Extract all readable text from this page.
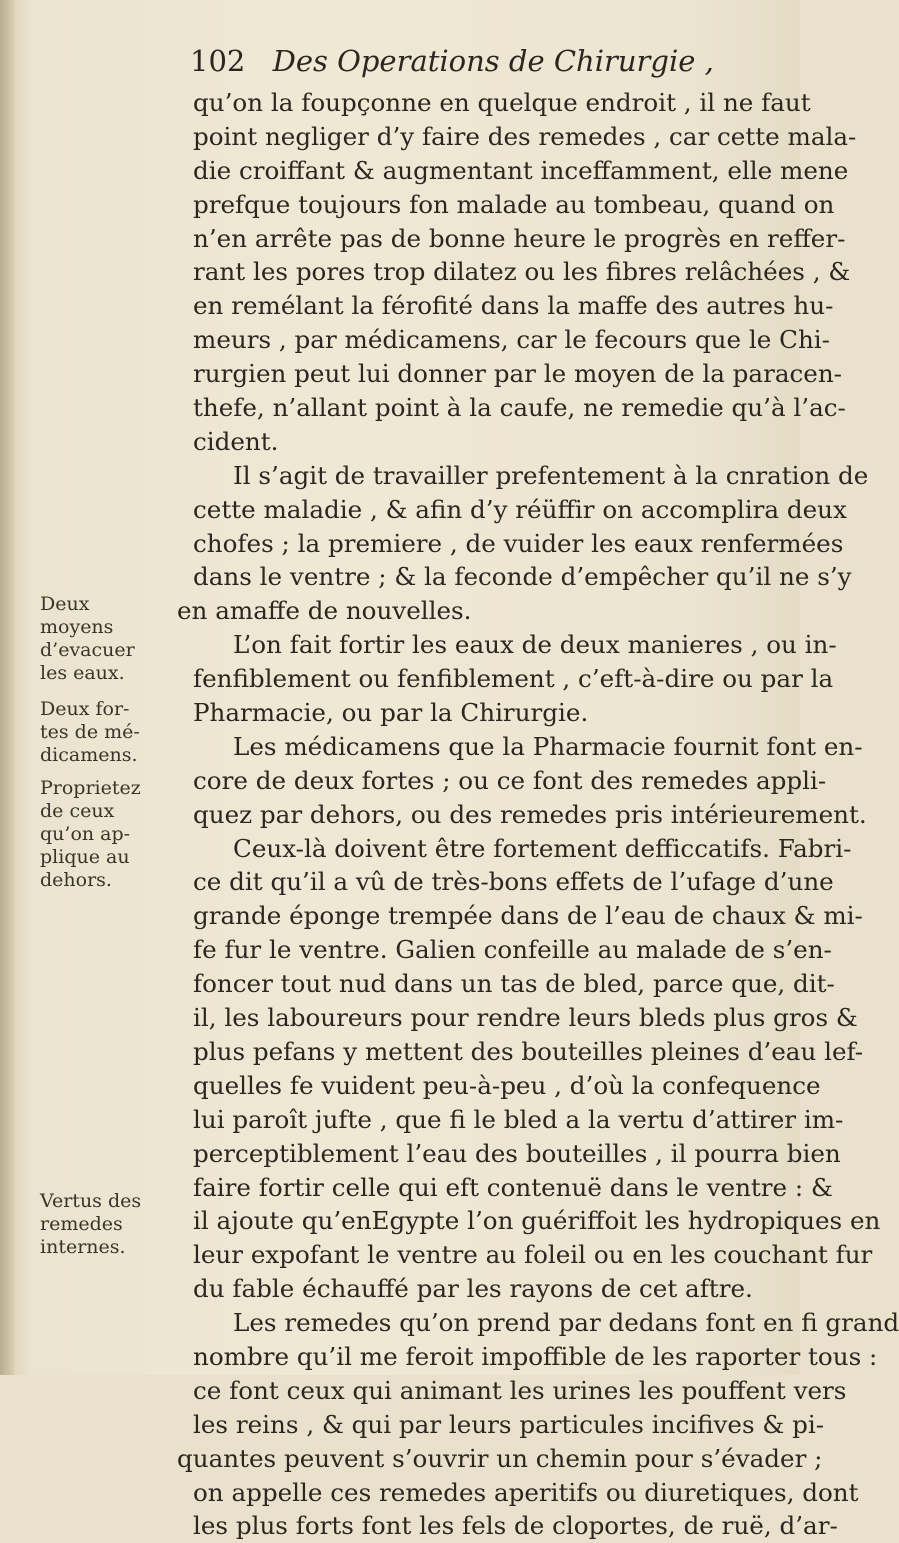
102 Des Operations de Chirurgie ,
qu’on la foupçonne en quelque endroit , il ne faut
point negliger d’y faire des remedes , car cette mala-
die croiffant & augmentant inceffamment, elle mene
prefque toujours fon malade au tombeau, quand on
n’en arrête pas de bonne heure le progrès en reffer-
rant les pores trop dilatez ou les fibres relâchées , &
en remélant la férofité dans la maffe des autres hu-
meurs , par médicamens, car le fecours que le Chi-
rurgien peut lui donner par le moyen de la paracen-
thefe, n’allant point à la caufe, ne remedie qu’à l’ac-
cident.
Il s’agit de travailler prefentement à la cnration de
cette maladie , & afin d’y réüffir on accomplira deux
chofes ; la premiere , de vuider les eaux renfermées
dans le ventre ; & la feconde d’empêcher qu’il ne s’y
en amaffe de nouvelles.
L’on fait fortir les eaux de deux manieres , ou in-
fenfiblement ou fenfiblement , c’eft-à-dire ou par la
Pharmacie, ou par la Chirurgie.
Les médicamens que la Pharmacie fournit font en-
core de deux fortes ; ou ce font des remedes appli-
quez par dehors, ou des remedes pris intérieurement.
Ceux-là doivent être fortement defficcatifs. Fabri-
ce dit qu’il a vû de très-bons effets de l’ufage d’une
grande éponge trempée dans de l’eau de chaux & mi-
fe fur le ventre. Galien confeille au malade de s’en-
foncer tout nud dans un tas de bled, parce que, dit-
il, les laboureurs pour rendre leurs bleds plus gros &
plus pefans y mettent des bouteilles pleines d’eau lef-
quelles fe vuident peu-à-peu , d’où la confequence
lui paroît jufte , que fi le bled a la vertu d’attirer im-
perceptiblement l’eau des bouteilles , il pourra bien
faire fortir celle qui eft contenuë dans le ventre : &
il ajoute qu’enEgypte l’on guériffoit les hydropiques en
leur expofant le ventre au foleil ou en les couchant fur
du fable échauffé par les rayons de cet aftre.
Les remedes qu’on prend par dedans font en fi grand
nombre qu’il me feroit impoffible de les raporter tous :
ce font ceux qui animant les urines les pouffent vers
les reins , & qui par leurs particules incifives & pi-
quantes peuvent s’ouvrir un chemin pour s’évader ;
on appelle ces remedes aperitifs ou diuretiques, dont
les plus forts font les fels de cloportes, de ruë, d’ar-
Deux
moyens
d’evacuer
les eaux.
Deux for-
tes de mé-
dicamens.
Proprietez
de ceux
qu’on ap-
plique au
dehors.
Vertus des
remedes
internes.
